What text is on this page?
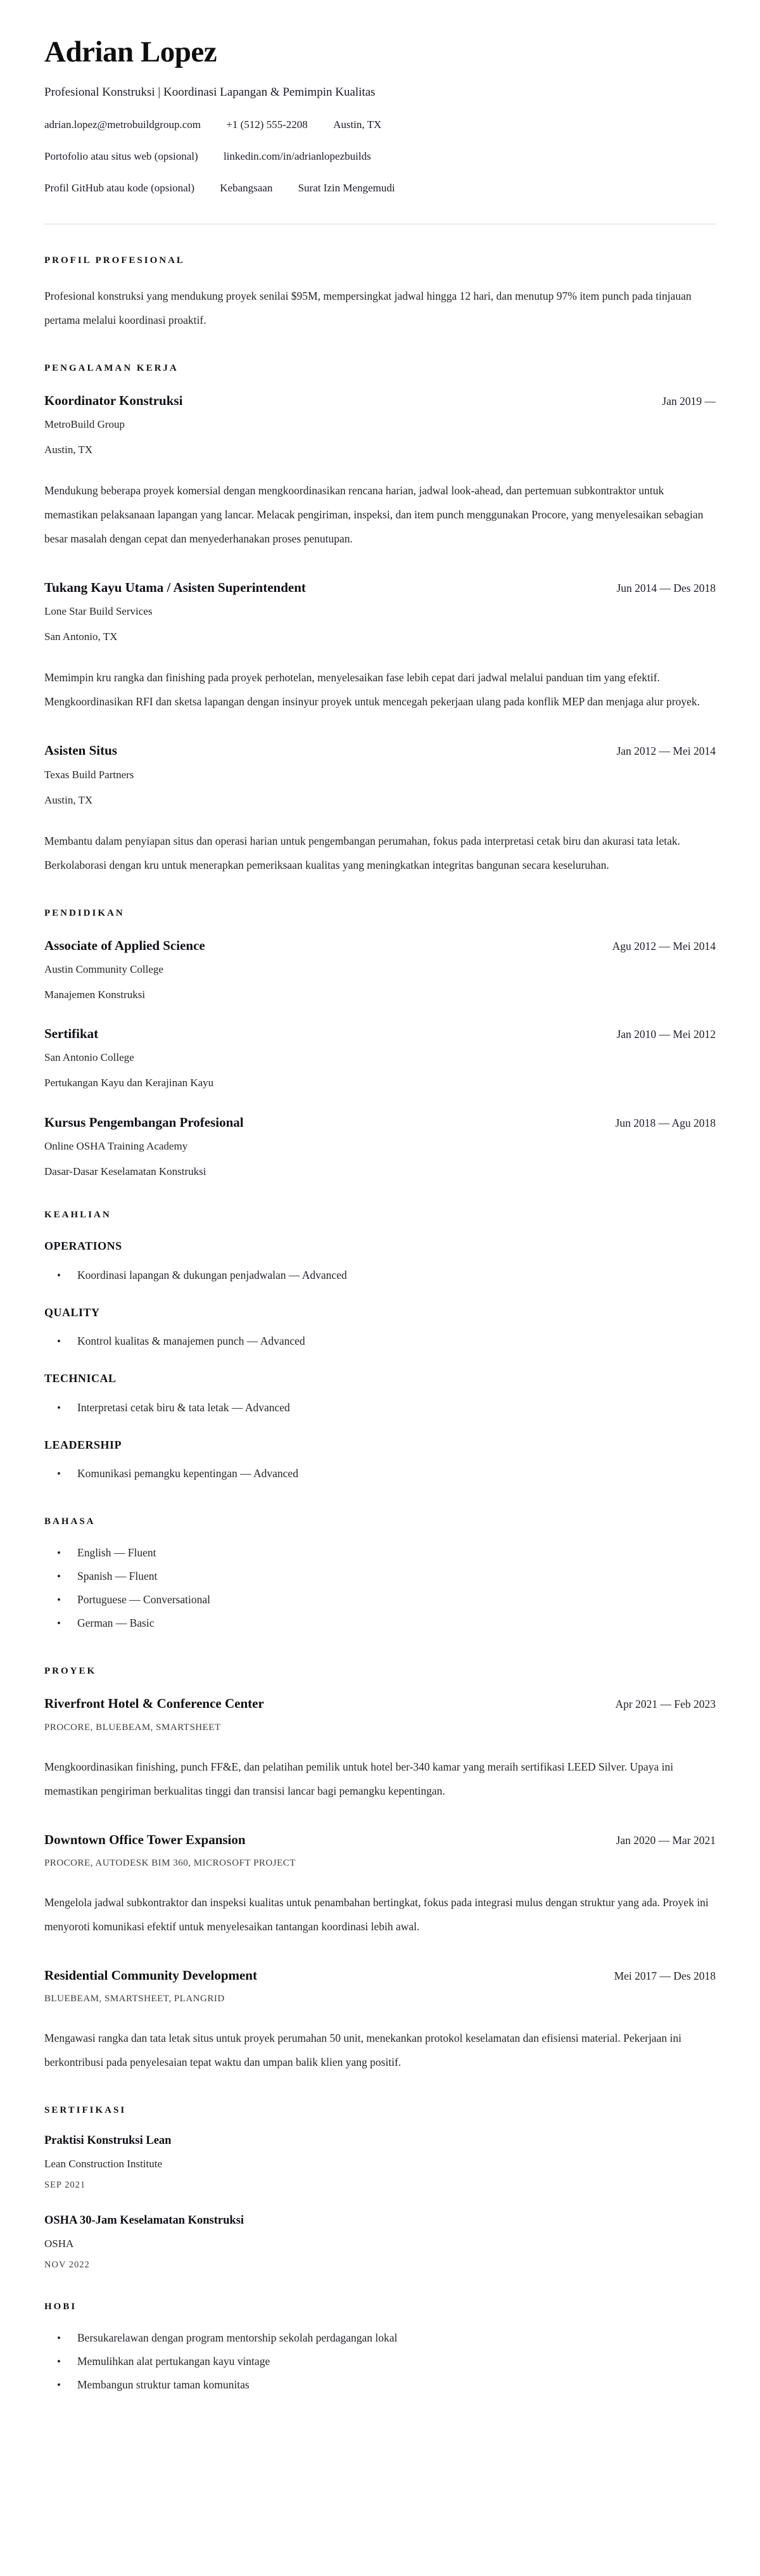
Adrian Lopez
Profesional Konstruksi | Koordinasi Lapangan & Pemimpin Kualitas
adrian.lopez@metrobuildgroup.com +1 (512) 555-2208 Austin, TX
Portofolio atau situs web (opsional) linkedin.com/in/adrianlopezbuilds
Profil GitHub atau kode (opsional) Kebangsaan Surat Izin Mengemudi
PROFIL PROFESIONAL

Profesional konstruksi yang mendukung proyek senilai $95M, mempersingkat jadwal hingga 12 hari, dan menutup 97% item punch pada tinjauan pertama melalui koordinasi proaktif.

PENGALAMAN KERJA
Koordinator Konstruksi	Jan 2019 —
MetroBuild Group
Austin, TX

Mendukung beberapa proyek komersial dengan mengkoordinasikan rencana harian, jadwal look-ahead, dan pertemuan subkontraktor untuk memastikan pelaksanaan lapangan yang lancar. Melacak pengiriman, inspeksi, dan item punch menggunakan Procore, yang menyelesaikan sebagian besar masalah dengan cepat dan menyederhanakan proses penutupan.

Tukang Kayu Utama / Asisten Superintendent	Jun 2014 — Des 2018
Lone Star Build Services
San Antonio, TX

Memimpin kru rangka dan finishing pada proyek perhotelan, menyelesaikan fase lebih cepat dari jadwal melalui panduan tim yang efektif. Mengkoordinasikan RFI dan sketsa lapangan dengan insinyur proyek untuk mencegah pekerjaan ulang pada konflik MEP dan menjaga alur proyek.

Asisten Situs	Jan 2012 — Mei 2014
Texas Build Partners
Austin, TX

Membantu dalam penyiapan situs dan operasi harian untuk pengembangan perumahan, fokus pada interpretasi cetak biru dan akurasi tata letak. Berkolaborasi dengan kru untuk menerapkan pemeriksaan kualitas yang meningkatkan integritas bangunan secara keseluruhan.

PENDIDIKAN
Associate of Applied Science	Agu 2012 — Mei 2014
Austin Community College
Manajemen Konstruksi
Sertifikat	Jan 2010 — Mei 2012
San Antonio College
Pertukangan Kayu dan Kerajinan Kayu
Kursus Pengembangan Profesional	Jun 2018 — Agu 2018
Online OSHA Training Academy
Dasar-Dasar Keselamatan Konstruksi
KEAHLIAN
OPERATIONS
• Koordinasi lapangan & dukungan penjadwalan — Advanced
QUALITY
• Kontrol kualitas & manajemen punch — Advanced
TECHNICAL
• Interpretasi cetak biru & tata letak — Advanced
LEADERSHIP
• Komunikasi pemangku kepentingan — Advanced
BAHASA
• English — Fluent
• Spanish — Fluent
• Portuguese — Conversational
• German — Basic
PROYEK
Riverfront Hotel & Conference Center	Apr 2021 — Feb 2023
PROCORE, BLUEBEAM, SMARTSHEET

Mengkoordinasikan finishing, punch FF&E, dan pelatihan pemilik untuk hotel ber-340 kamar yang meraih sertifikasi LEED Silver. Upaya ini memastikan pengiriman berkualitas tinggi dan transisi lancar bagi pemangku kepentingan.

Downtown Office Tower Expansion	Jan 2020 — Mar 2021
PROCORE, AUTODESK BIM 360, MICROSOFT PROJECT

Mengelola jadwal subkontraktor dan inspeksi kualitas untuk penambahan bertingkat, fokus pada integrasi mulus dengan struktur yang ada. Proyek ini menyoroti komunikasi efektif untuk menyelesaikan tantangan koordinasi lebih awal.

Residential Community Development	Mei 2017 — Des 2018
BLUEBEAM, SMARTSHEET, PLANGRID

Mengawasi rangka dan tata letak situs untuk proyek perumahan 50 unit, menekankan protokol keselamatan dan efisiensi material. Pekerjaan ini berkontribusi pada penyelesaian tepat waktu dan umpan balik klien yang positif.

SERTIFIKASI
Praktisi Konstruksi Lean
Lean Construction Institute
SEP 2021
OSHA 30-Jam Keselamatan Konstruksi
OSHA
NOV 2022
HOBI
• Bersukarelawan dengan program mentorship sekolah perdagangan lokal
• Memulihkan alat pertukangan kayu vintage
• Membangun struktur taman komunitas
